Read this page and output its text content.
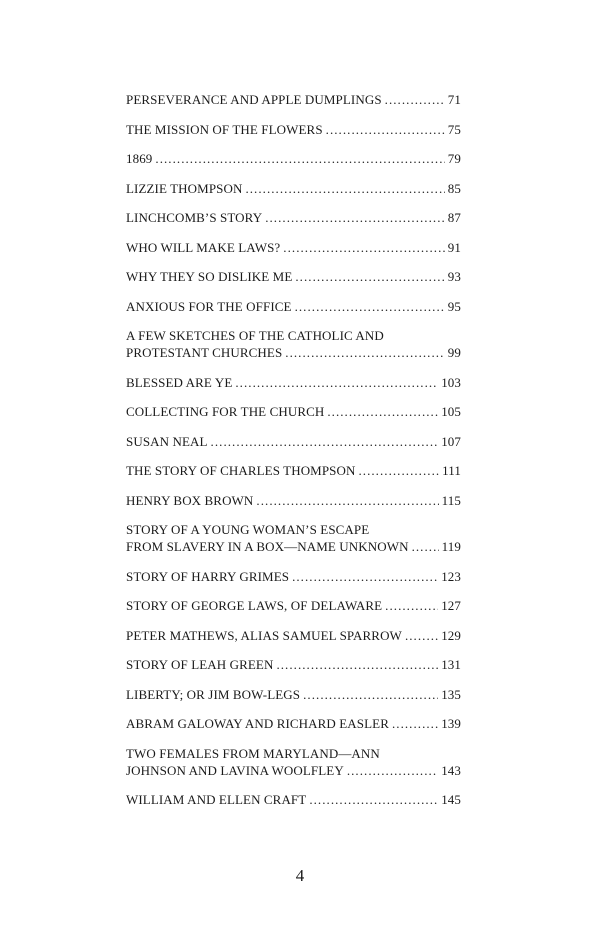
PERSEVERANCE AND APPLE DUMPLINGS . . .	71
THE MISSION OF THE FLOWERS . . .	75
1869 . . .	79
LIZZIE THOMPSON . . .	85
LINCHCOMB’S STORY . . .	87
WHO WILL MAKE LAWS? . . .	91
WHY THEY SO DISLIKE ME . . .	93
ANXIOUS FOR THE OFFICE . . .	95
A FEW SKETCHES OF THE CATHOLIC AND
PROTESTANT CHURCHES . . .	99
BLESSED ARE YE . . .	103
COLLECTING FOR THE CHURCH . . .	105
SUSAN NEAL . . .	107
THE STORY OF CHARLES THOMPSON . . .	111
HENRY BOX BROWN . . .	115
STORY OF A YOUNG WOMAN’S ESCAPE
FROM SLAVERY IN A BOX—NAME UNKNOWN . . .	119
STORY OF HARRY GRIMES . . .	123
STORY OF GEORGE LAWS, OF DELAWARE . . .	127
PETER MATHEWS, ALIAS SAMUEL SPARROW . . .	129
STORY OF LEAH GREEN . . .	131
LIBERTY; OR JIM BOW-LEGS . . .	135
ABRAM GALOWAY AND RICHARD EASLER . . .	139
TWO FEMALES FROM MARYLAND—ANN
JOHNSON AND LAVINA WOOLFLEY . . .	143
WILLIAM AND ELLEN CRAFT . . .	145
4
